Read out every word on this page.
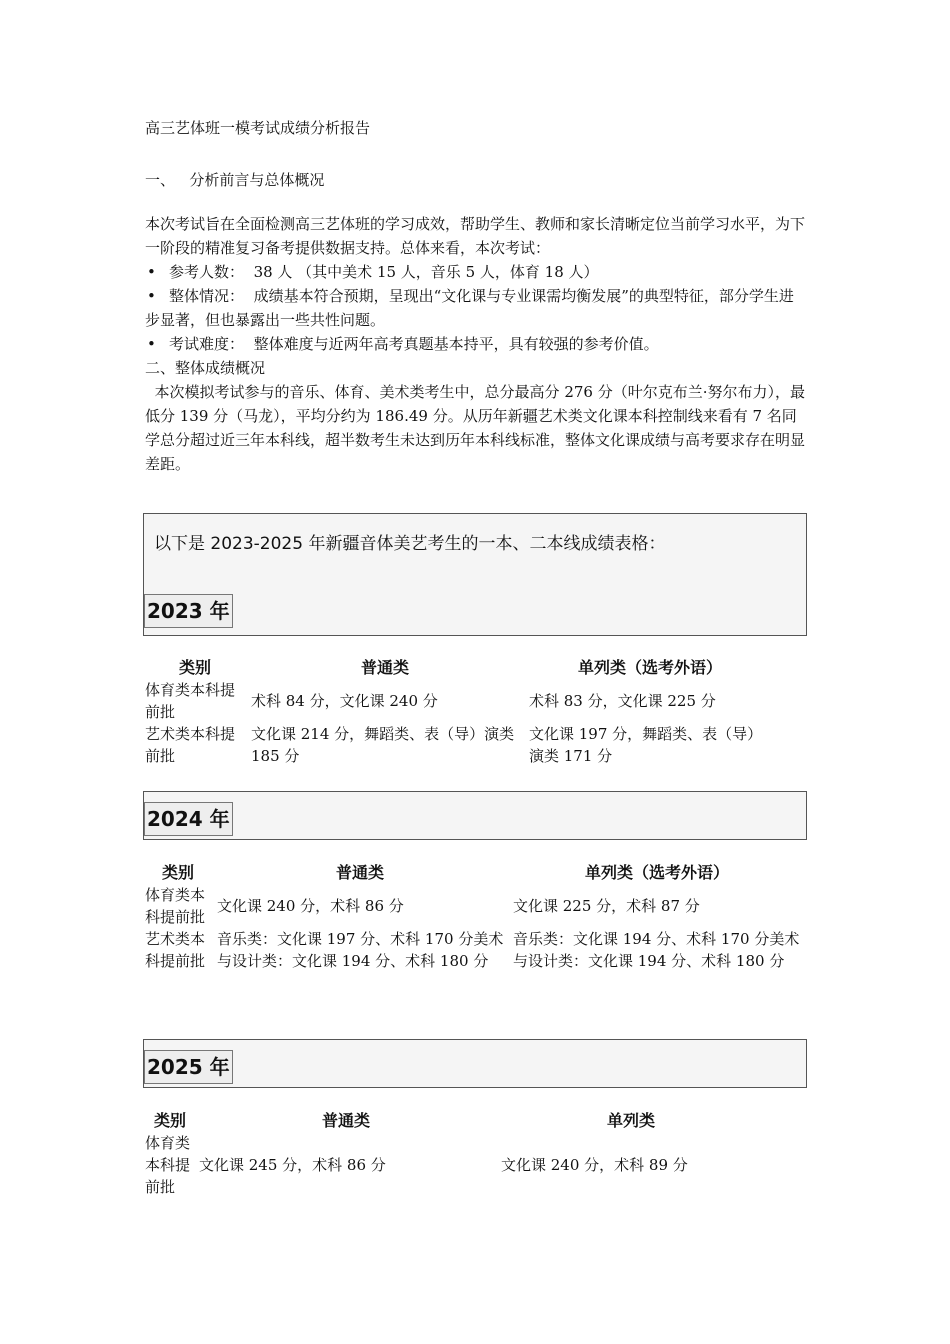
高三艺体班一模考试成绩分析报告

一、 分析前言与总体概况
本次考试旨在全面检测高三艺体班的学习成效，帮助学生、教师和家长清晰定位当前学习水平，为下一阶段的精准复习备考提供数据支持。总体来看，本次考试：
• 参考人数： 38 人 （其中美术 15 人，音乐 5 人，体育 18 人）
• 整体情况： 成绩基本符合预期，呈现出“文化课与专业课需均衡发展”的典型特征，部分学生进步显著，但也暴露出一些共性问题。
• 考试难度： 整体难度与近两年高考真题基本持平，具有较强的参考价值。
二、整体成绩概况
本次模拟考试参与的音乐、体育、美术类考生中，总分最高分 276 分（叶尔克布兰·努尔布力），最低分 139 分（马龙），平均分约为 186.49 分。从历年新疆艺术类文化课本科控制线来看有 7 名同学总分超过近三年本科线，超半数考生未达到历年本科线标准，整体文化课成绩与高考要求存在明显差距。
以下是 2023-2025 年新疆音体美艺考生的一本、二本线成绩表格：
2023 年
类别	普通类	单列类（选考外语）
体育类本科提前批	术科 84 分，文化课 240 分	术科 83 分，文化课 225 分
艺术类本科提前批	文化课 214 分，舞蹈类、表（导）演类 185 分	文化课 197 分，舞蹈类、表（导）演类 171 分
2024 年
类别	普通类	单列类（选考外语）
体育类本科提前批	文化课 240 分，术科 86 分	文化课 225 分，术科 87 分
艺术类本科提前批	音乐类：文化课 197 分、术科 170 分美术与设计类：文化课 194 分、术科 180 分	音乐类：文化课 194 分、术科 170 分美术与设计类：文化课 194 分、术科 180 分
2025 年
类别	普通类	单列类
体育类本科提前批	文化课 245 分，术科 86 分	文化课 240 分，术科 89 分
